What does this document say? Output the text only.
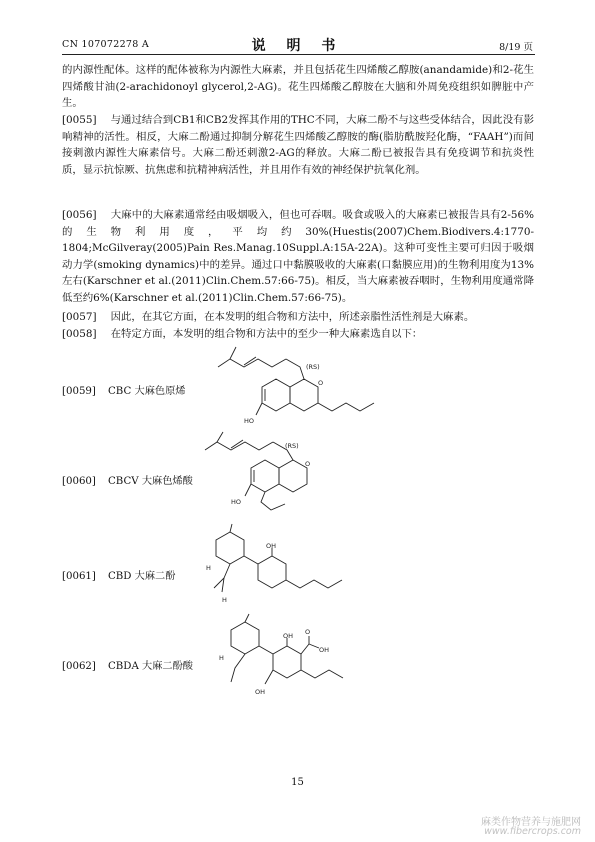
CN 107072278 A	说 明 书	8/19 页
的内源性配体。这样的配体被称为内源性大麻素，并且包括花生四烯酸乙醇胺(anandamide)和2-花生四烯酸甘油(2-arachidonoyl glycerol,2-AG)。花生四烯酸乙醇胺在大脑和外周免疫组织如脾脏中产生。
[0055] 与通过结合到CB1和CB2发挥其作用的THC不同，大麻二酚不与这些受体结合，因此没有影响精神的活性。相反，大麻二酚通过抑制分解花生四烯酸乙醇胺的酶(脂肪酰胺羟化酶，“FAAH”)而间接刺激内源性大麻素信号。大麻二酚还刺激2-AG的释放。大麻二酚已被报告具有免疫调节和抗炎性质，显示抗惊厥、抗焦虑和抗精神病活性，并且用作有效的神经保护抗氧化剂。
[0056] 大麻中的大麻素通常经由吸烟吸入，但也可吞咽。吸食或吸入的大麻素已被报告具有2-56%的生物利用度，平均约30%(Huestis(2007)Chem.Biodivers.4:1770-1804;McGilveray(2005)Pain Res.Manag.10Suppl.A:15A-22A)。这种可变性主要可归因于吸烟动力学(smoking dynamics)中的差异。通过口中黏膜吸收的大麻素(口黏膜应用)的生物利用度为13%左右(Karschner et al.(2011)Clin.Chem.57:66-75)。相反，当大麻素被吞咽时，生物利用度通常降低至约6%(Karschner et al.(2011)Clin.Chem.57:66-75)。
[0057] 因此，在其它方面，在本发明的组合物和方法中，所述亲脂性活性剂是大麻素。
[0058] 在特定方面，本发明的组合物和方法中的至少一种大麻素选自以下：
[0059] CBC 大麻色原烯
(RS)
O
HO
[0060] CBCV 大麻色烯酸
(RS)
O
HO
[0061] CBD 大麻二酚
OH
H
H
[0062] CBDA 大麻二酚酸
OH O
OH
H
OH
15
麻类作物营养与施肥网
www.fibercrops.com
